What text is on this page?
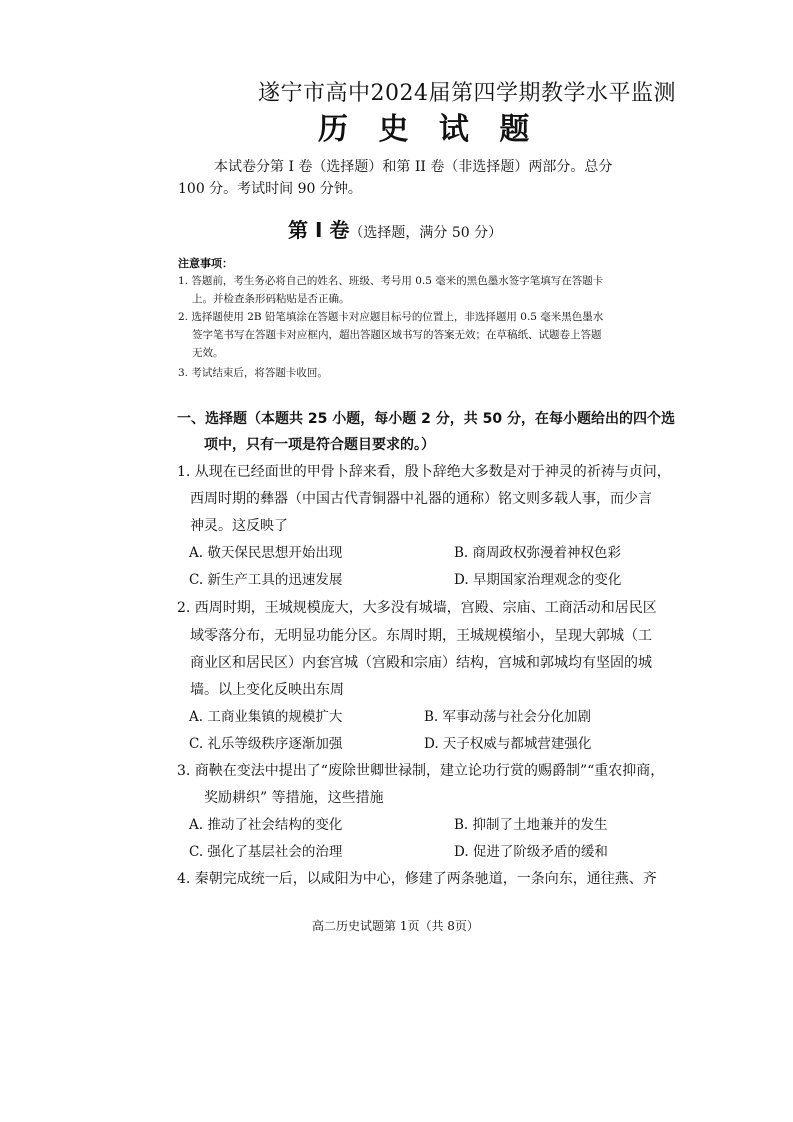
遂宁市高中2024届第四学期教学水平监测
历 史 试 题
本试卷分第 I 卷（选择题）和第 II 卷（非选择题）两部分。总分
100 分。考试时间 90 分钟。
第 Ⅰ 卷（选择题，满分 50 分）
注意事项：
1. 答题前，考生务必将自己的姓名、班级、考号用 0.5 毫米的黑色墨水签字笔填写在答题卡
上。并检查条形码粘贴是否正确。
2. 选择题使用 2B 铅笔填涂在答题卡对应题目标号的位置上，非选择题用 0.5 毫米黑色墨水
签字笔书写在答题卡对应框内，超出答题区域书写的答案无效；在草稿纸、试题卷上答题
无效。
3. 考试结束后，将答题卡收回。
一、选择题（本题共 25 小题，每小题 2 分，共 50 分，在每小题给出的四个选
项中，只有一项是符合题目要求的。）
1. 从现在已经面世的甲骨卜辞来看，殷卜辞绝大多数是对于神灵的祈祷与贞问，
西周时期的彝器（中国古代青铜器中礼器的通称）铭文则多载人事，而少言
神灵。这反映了
A. 敬天保民思想开始出现	B. 商周政权弥漫着神权色彩
C. 新生产工具的迅速发展	D. 早期国家治理观念的变化
2. 西周时期，王城规模庞大，大多没有城墙，宫殿、宗庙、工商活动和居民区
域零落分布，无明显功能分区。东周时期，王城规模缩小，呈现大郭城（工
商业区和居民区）内套宫城（宫殿和宗庙）结构，宫城和郭城均有坚固的城
墙。以上变化反映出东周
A. 工商业集镇的规模扩大	B. 军事动荡与社会分化加剧
C. 礼乐等级秩序逐渐加强	D. 天子权威与都城营建强化
3. 商鞅在变法中提出了“废除世卿世禄制，建立论功行赏的赐爵制”“重农抑商，
奖励耕织” 等措施，这些措施
A. 推动了社会结构的变化	B. 抑制了土地兼并的发生
C. 强化了基层社会的治理	D. 促进了阶级矛盾的缓和
4. 秦朝完成统一后，以咸阳为中心，修建了两条驰道，一条向东，通往燕、齐
高二历史试题第 1页（共 8页）
